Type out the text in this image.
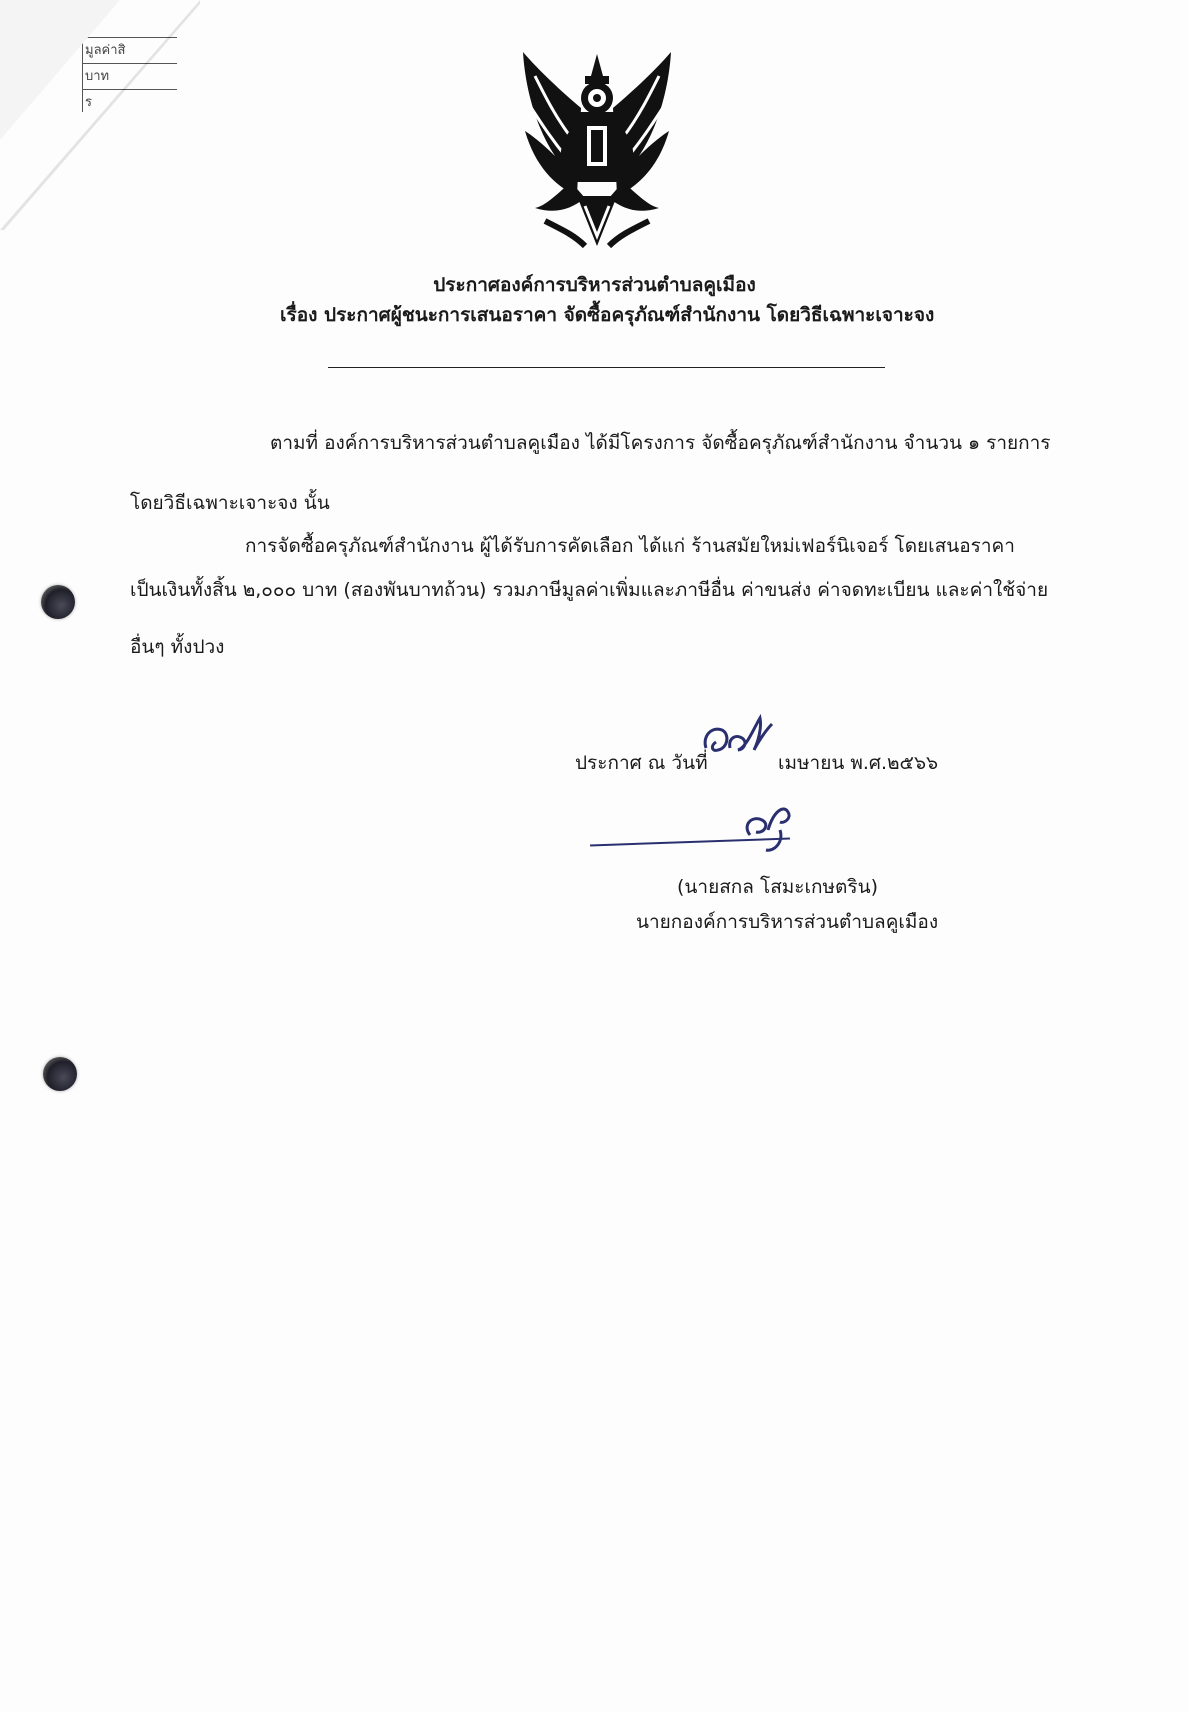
ประกาศองค์การบริหารส่วนตำบลคูเมือง
เรื่อง ประกาศผู้ชนะการเสนอราคา จัดซื้อครุภัณฑ์สำนักงาน โดยวิธีเฉพาะเจาะจง
ตามที่ องค์การบริหารส่วนตำบลคูเมือง ได้มีโครงการ จัดซื้อครุภัณฑ์สำนักงาน จำนวน ๑ รายการ
โดยวิธีเฉพาะเจาะจง นั้น
การจัดซื้อครุภัณฑ์สำนักงาน ผู้ได้รับการคัดเลือก ได้แก่ ร้านสมัยใหม่เฟอร์นิเจอร์ โดยเสนอราคา
เป็นเงินทั้งสิ้น ๒,๐๐๐ บาท (สองพันบาทถ้วน) รวมภาษีมูลค่าเพิ่มและภาษีอื่น ค่าขนส่ง ค่าจดทะเบียน และค่าใช้จ่าย
อื่นๆ ทั้งปวง
ประกาศ ณ วันที่	เมษายน พ.ศ.๒๕๖๖
(นายสกล โสมะเกษตริน)
นายกองค์การบริหารส่วนตำบลคูเมือง
